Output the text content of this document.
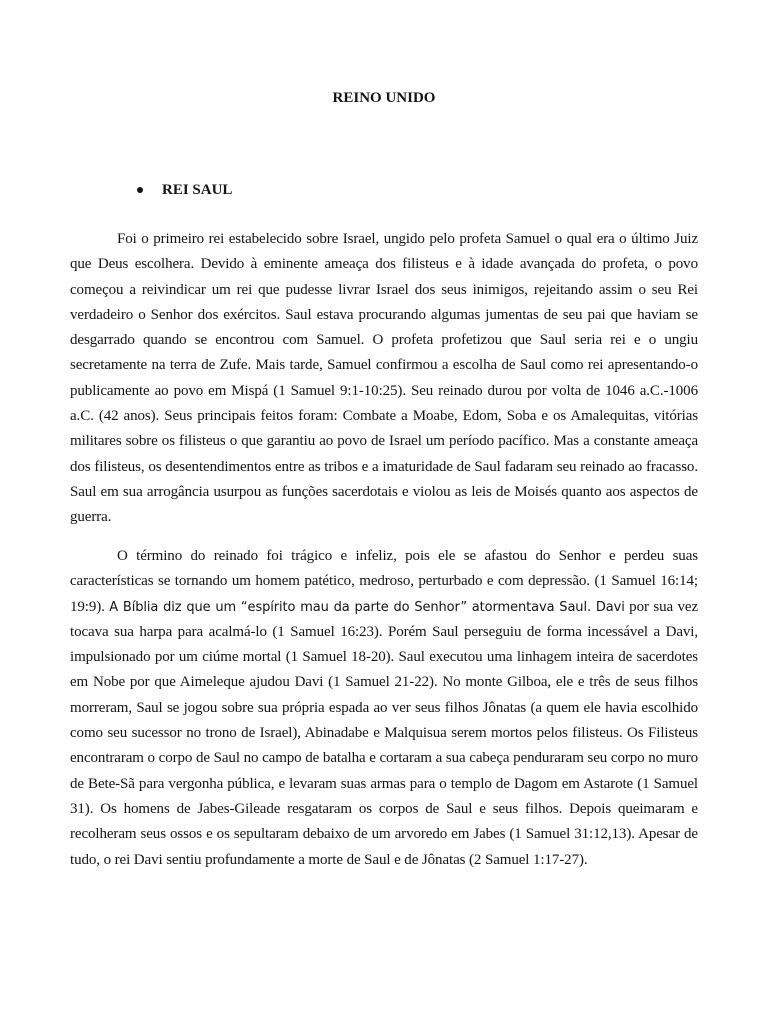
REINO UNIDO
REI SAUL

Foi o primeiro rei estabelecido sobre Israel, ungido pelo profeta Samuel o qual era o último Juiz que Deus escolhera. Devido à eminente ameaça dos filisteus e à idade avançada do profeta, o povo começou a reivindicar um rei que pudesse livrar Israel dos seus inimigos, rejeitando assim o seu Rei verdadeiro o Senhor dos exércitos. Saul estava procurando algumas jumentas de seu pai que haviam se desgarrado quando se encontrou com Samuel. O profeta profetizou que Saul seria rei e o ungiu secretamente na terra de Zufe. Mais tarde, Samuel confirmou a escolha de Saul como rei apresentando-o publicamente ao povo em Mispá (1 Samuel 9:1-10:25). Seu reinado durou por volta de 1046 a.C.-1006 a.C. (42 anos). Seus principais feitos foram: Combate a Moabe, Edom, Soba e os Amalequitas, vitórias militares sobre os filisteus o que garantiu ao povo de Israel um período pacífico. Mas a constante ameaça dos filisteus, os desentendimentos entre as tribos e a imaturidade de Saul fadaram seu reinado ao fracasso. Saul em sua arrogância usurpou as funções sacerdotais e violou as leis de Moisés quanto aos aspectos de guerra.

O término do reinado foi trágico e infeliz, pois ele se afastou do Senhor e perdeu suas características se tornando um homem patético, medroso, perturbado e com depressão. (1 Samuel 16:14; 19:9). A Bíblia diz que um “espírito mau da parte do Senhor” atormentava Saul. Davi por sua vez tocava sua harpa para acalmá-lo (1 Samuel 16:23). Porém Saul perseguiu de forma incessável a Davi, impulsionado por um ciúme mortal (1 Samuel 18-20). Saul executou uma linhagem inteira de sacerdotes em Nobe por que Aimeleque ajudou Davi (1 Samuel 21-22). No monte Gilboa, ele e três de seus filhos morreram, Saul se jogou sobre sua própria espada ao ver seus filhos Jônatas (a quem ele havia escolhido como seu sucessor no trono de Israel), Abinadabe e Malquisua serem mortos pelos filisteus. Os Filisteus encontraram o corpo de Saul no campo de batalha e cortaram a sua cabeça penduraram seu corpo no muro de Bete-Sã para vergonha pública, e levaram suas armas para o templo de Dagom em Astarote (1 Samuel 31). Os homens de Jabes-Gileade resgataram os corpos de Saul e seus filhos. Depois queimaram e recolheram seus ossos e os sepultaram debaixo de um arvoredo em Jabes (1 Samuel 31:12,13). Apesar de tudo, o rei Davi sentiu profundamente a morte de Saul e de Jônatas (2 Samuel 1:17-27).
